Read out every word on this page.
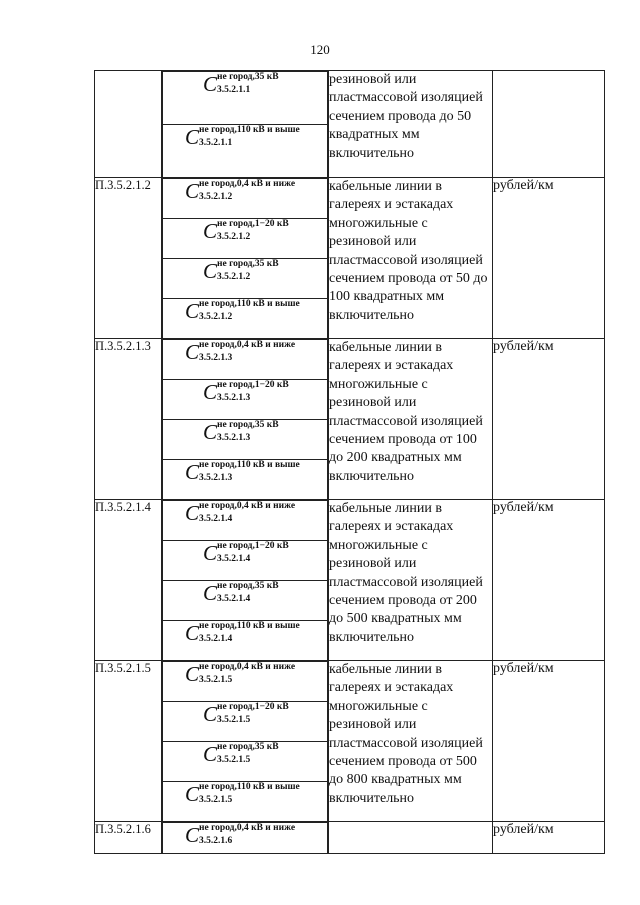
120

C не город,35 кВ
3.5.2.1.1

C не город,110 кВ и выше
3.5.2.1.1
	резиновой или пластмассовой изоляцией сечением провода до 50 квадратных мм включительно	
П.3.5.2.1.2	C не город,0,4 кВ и ниже
3.5.2.1.2

C не город,1−20 кВ
3.5.2.1.2

C не город,35 кВ
3.5.2.1.2

C не город,110 кВ и выше
3.5.2.1.2
	кабельные линии в галереях и эстакадах многожильные с резиновой или пластмассовой изоляцией сечением провода от 50 до 100 квадратных мм включительно	рублей/км
П.3.5.2.1.3	C не город,0,4 кВ и ниже
3.5.2.1.3

C не город,1−20 кВ
3.5.2.1.3

C не город,35 кВ
3.5.2.1.3

C не город,110 кВ и выше
3.5.2.1.3
	кабельные линии в галереях и эстакадах многожильные с резиновой или пластмассовой изоляцией сечением провода от 100 до 200 квадратных мм включительно	рублей/км
П.3.5.2.1.4	C не город,0,4 кВ и ниже
3.5.2.1.4

C не город,1−20 кВ
3.5.2.1.4

C не город,35 кВ
3.5.2.1.4

C не город,110 кВ и выше
3.5.2.1.4
	кабельные линии в галереях и эстакадах многожильные с резиновой или пластмассовой изоляцией сечением провода от 200 до 500 квадратных мм включительно	рублей/км
П.3.5.2.1.5	C не город,0,4 кВ и ниже
3.5.2.1.5

C не город,1−20 кВ
3.5.2.1.5

C не город,35 кВ
3.5.2.1.5

C не город,110 кВ и выше
3.5.2.1.5
	кабельные линии в галереях и эстакадах многожильные с резиновой или пластмассовой изоляцией сечением провода от 500 до 800 квадратных мм включительно	рублей/км
П.3.5.2.1.6	C не город,0,4 кВ и ниже
3.5.2.1.6
		рублей/км
